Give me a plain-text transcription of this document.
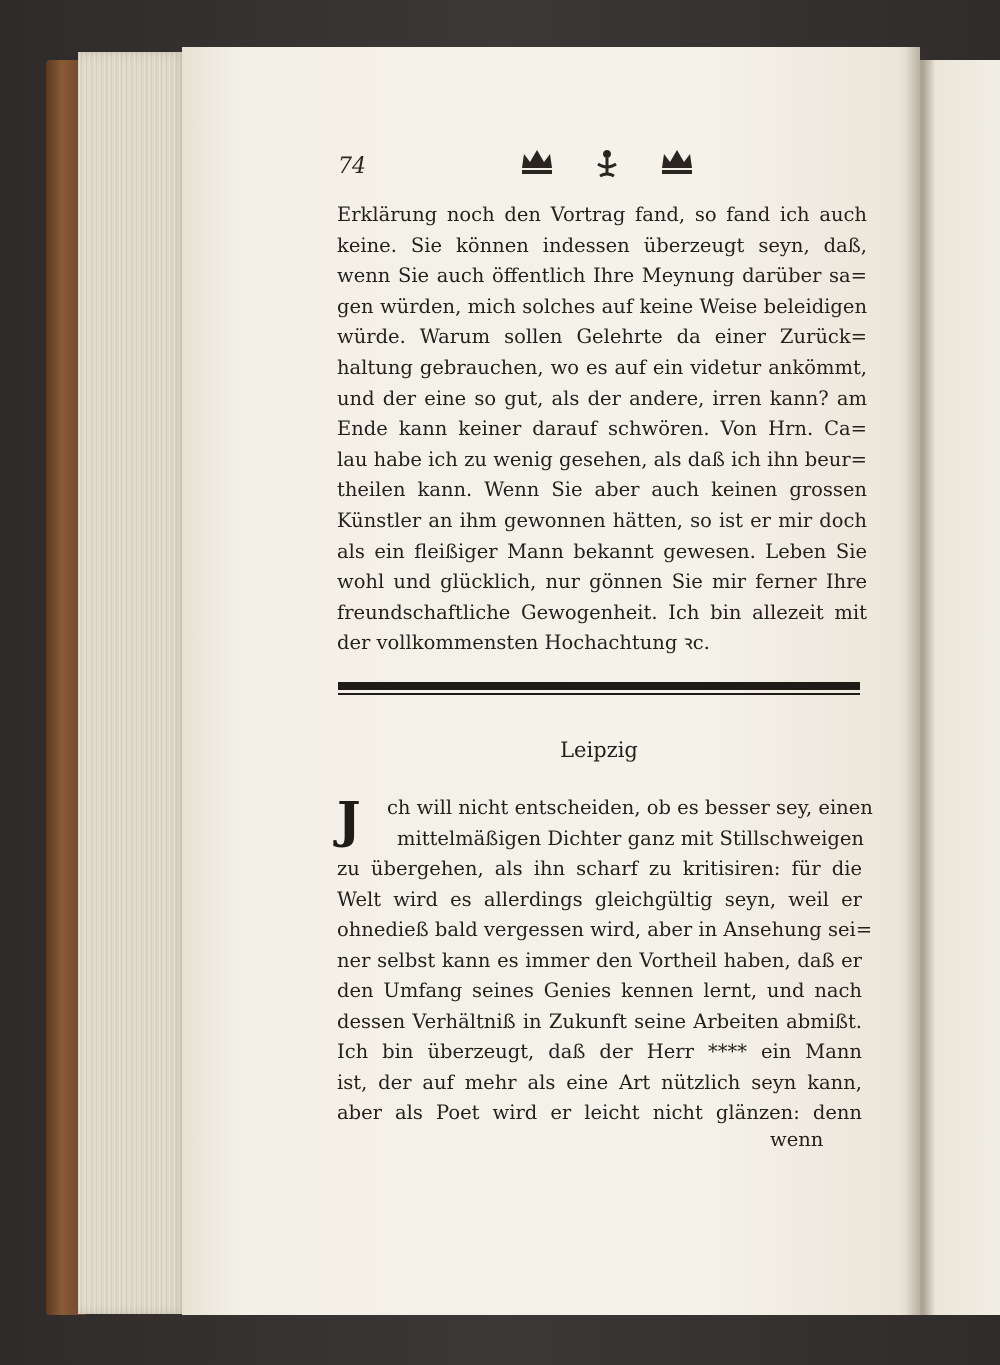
74
Erklärung noch den Vortrag fand, so fand ich auch
keine. Sie können indessen überzeugt seyn, daß,
wenn Sie auch öffentlich Ihre Meynung darüber sa=
gen würden, mich solches auf keine Weise beleidigen
würde. Warum sollen Gelehrte da einer Zurück=
haltung gebrauchen, wo es auf ein videtur ankömmt,
und der eine so gut, als der andere, irren kann? am
Ende kann keiner darauf schwören. Von Hrn. Ca=
lau habe ich zu wenig gesehen, als daß ich ihn beur=
theilen kann. Wenn Sie aber auch keinen grossen
Künstler an ihm gewonnen hätten, so ist er mir doch
als ein fleißiger Mann bekannt gewesen. Leben Sie
wohl und glücklich, nur gönnen Sie mir ferner Ihre
freundschaftliche Gewogenheit. Ich bin allezeit mit
der vollkommensten Hochachtung ꝛc.
Leipzig
J	ch will nicht entscheiden, ob es besser sey, einen
mittelmäßigen Dichter ganz mit Stillschweigen
zu übergehen, als ihn scharf zu kritisiren: für die
Welt wird es allerdings gleichgültig seyn, weil er
ohnedieß bald vergessen wird, aber in Ansehung sei=
ner selbst kann es immer den Vortheil haben, daß er
den Umfang seines Genies kennen lernt, und nach
dessen Verhältniß in Zukunft seine Arbeiten abmißt.
Ich bin überzeugt, daß der Herr **** ein Mann
ist, der auf mehr als eine Art nützlich seyn kann,
aber als Poet wird er leicht nicht glänzen: denn
wenn
